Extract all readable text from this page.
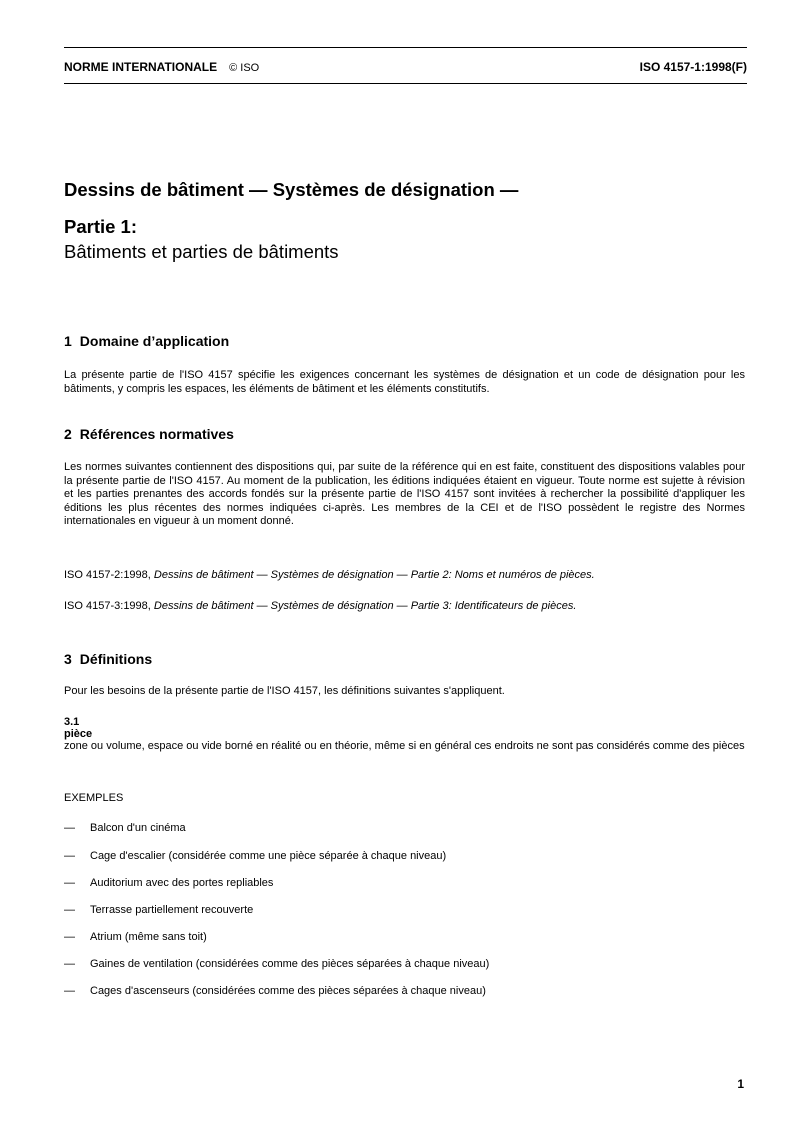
NORME INTERNATIONALE © ISO	ISO 4157-1:1998(F)
Dessins de bâtiment — Systèmes de désignation —
Partie 1:
Bâtiments et parties de bâtiments
1 Domaine d’application

La présente partie de l'ISO 4157 spécifie les exigences concernant les systèmes de désignation et un code de désignation pour les bâtiments, y compris les espaces, les éléments de bâtiment et les éléments constitutifs.

2 Références normatives

Les normes suivantes contiennent des dispositions qui, par suite de la référence qui en est faite, constituent des dispositions valables pour la présente partie de l'ISO 4157. Au moment de la publication, les éditions indiquées étaient en vigueur. Toute norme est sujette à révision et les parties prenantes des accords fondés sur la présente partie de l'ISO 4157 sont invitées à rechercher la possibilité d'appliquer les éditions les plus récentes des normes indiquées ci-après. Les membres de la CEI et de l'ISO possèdent le registre des Normes internationales en vigueur à un moment donné.

ISO 4157-2:1998, Dessins de bâtiment — Systèmes de désignation — Partie 2: Noms et numéros de pièces.

ISO 4157-3:1998, Dessins de bâtiment — Systèmes de désignation — Partie 3: Identificateurs de pièces.

3 Définitions

Pour les besoins de la présente partie de l'ISO 4157, les définitions suivantes s'appliquent.

3.1

pièce

zone ou volume, espace ou vide borné en réalité ou en théorie, même si en général ces endroits ne sont pas considérés comme des pièces

EXEMPLES

— Balcon d'un cinéma
— Cage d'escalier (considérée comme une pièce séparée à chaque niveau)
— Auditorium avec des portes repliables
— Terrasse partiellement recouverte
— Atrium (même sans toit)
— Gaines de ventilation (considérées comme des pièces séparées à chaque niveau)
— Cages d'ascenseurs (considérées comme des pièces séparées à chaque niveau)
1
